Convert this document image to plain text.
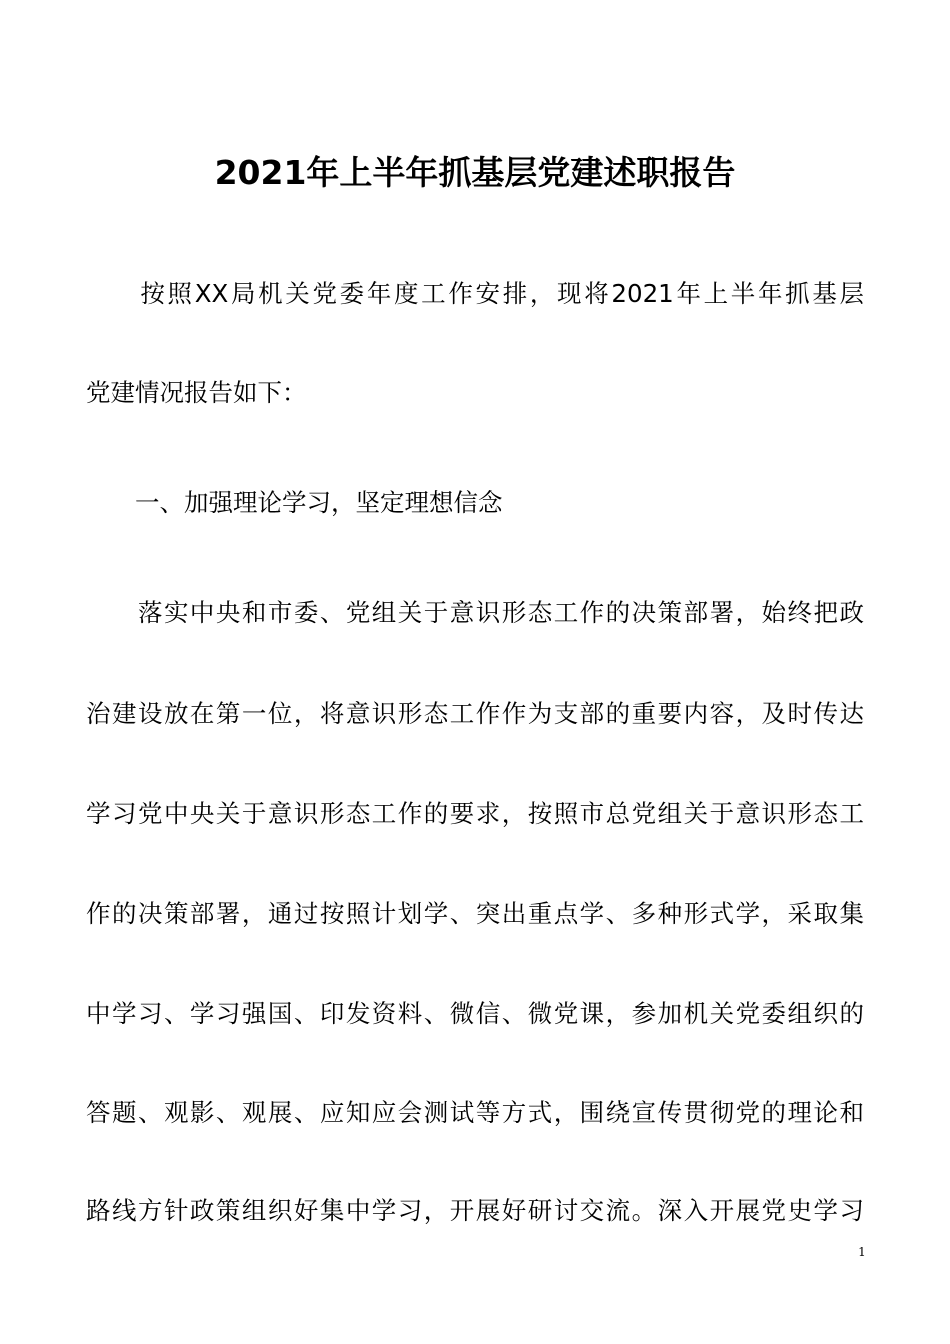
2021年上半年抓基层党建述职报告
　　按照XX局机关党委年度工作安排，现将2021年上半年抓基层
党建情况报告如下：
　　一、加强理论学习，坚定理想信念
　　落实中央和市委、党组关于意识形态工作的决策部署，始终把政
治建设放在第一位，将意识形态工作作为支部的重要内容，及时传达
学习党中央关于意识形态工作的要求，按照市总党组关于意识形态工
作的决策部署，通过按照计划学、突出重点学、多种形式学，采取集
中学习、学习强国、印发资料、微信、微党课，参加机关党委组织的
答题、观影、观展、应知应会测试等方式，围绕宣传贯彻党的理论和
路线方针政策组织好集中学习，开展好研讨交流。深入开展党史学习
1
